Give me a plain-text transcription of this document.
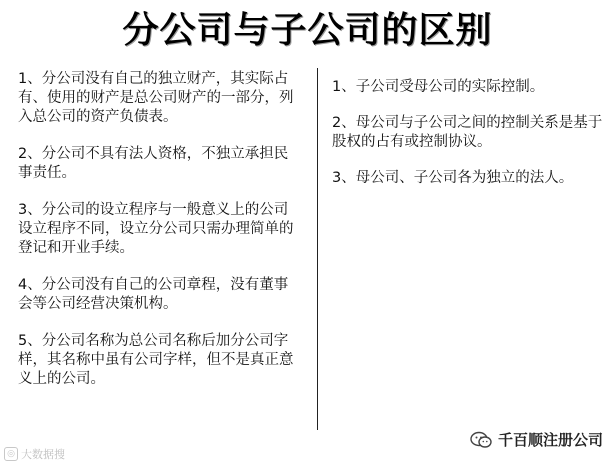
分公司与子公司的区别

1、分公司没有自己的独立财产，其实际占有、使用的财产是总公司财产的一部分，列入总公司的资产负债表。

2、分公司不具有法人资格，不独立承担民事责任。

3、分公司的设立程序与一般意义上的公司设立程序不同，设立分公司只需办理简单的登记和开业手续。

4、分公司没有自己的公司章程，没有董事会等公司经营决策机构。

5、分公司名称为总公司名称后加分公司字样，其名称中虽有公司字样，但不是真正意义上的公司。

1、子公司受母公司的实际控制。

2、母公司与子公司之间的控制关系是基于股权的占有或控制协议。

3、母公司、子公司各为独立的法人。

◎ 大数据搜
千百顺注册公司
